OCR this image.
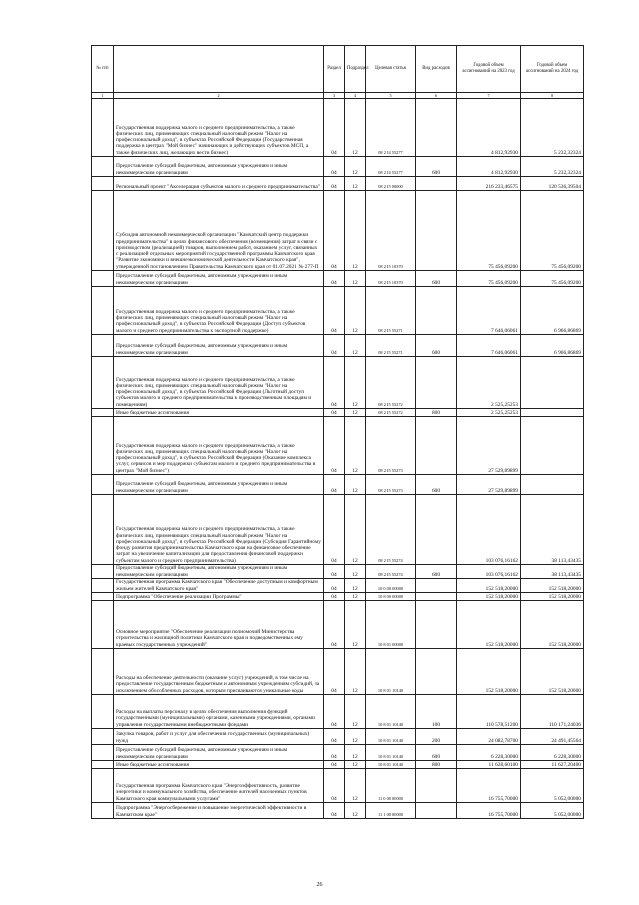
№ п/п		Раздел	Подраздел	Целевая статья	Вид расходов	Годовой объем ассигнований на 2023 год	Годовой объем ассигнований на 2024 год
1	2	3	4	5	6	7	8
	Государственная поддержка малого и среднего предпринимательства, а также физических лиц, применяющих специальный налоговый режим "Налог на профессиональный доход", в субъектах Российской Федерации (Государственная поддержка в центрах "Мой бизнес" начинающих и действующих субъектов МСП, а также физических лиц, желающих вести бизнес)	04	12	08 2 I4 55277		4 812,92930	5 232,32324
	Предоставление субсидий бюджетным, автономным учреждениям и иным некоммерческим организациям	04	12	08 2 I4 55277	600	4 812,92930	5 232,32324
	Региональный проект "Акселерация субъектов малого и среднего предпринимательства"	04	12	08 2 I5 00000		216 233,46575	120 536,39504
	Субсидия автономной некоммерческой организации "Камчатский центр поддержки предпринимательства" в целях финансового обеспечения (возмещения) затрат в связи с производством (реализацией) товаров, выполнением работ, оказанием услуг, связанных с реализацией отдельных мероприятий государственной программы Камчатского края "Развитие экономики и внешнеэкономической деятельности Камчатского края", утвержденной постановлением Правительства Камчатского края от 01.07.2021 № 277-П	04	12	08 2 I5 10370		75 456,09200	75 456,09200
	Предоставление субсидий бюджетным, автономным учреждениям и иным некоммерческим организациям	04	12	08 2 I5 10370	600	75 456,09200	75 456,09200
	Государственная поддержка малого и среднего предпринимательства, а также физических лиц, применяющих специальный налоговый режим "Налог на профессиональный доход", в субъектах Российской Федерации (Доступ субъектов малого и среднего предпринимательства к экспортной поддержке)	04	12	08 2 I5 55271		7 646,06061	6 966,86869
	Предоставление субсидий бюджетным, автономным учреждениям и иным некоммерческим организациям	04	12	08 2 I5 55271	600	7 646,06061	6 966,86869
	Государственная поддержка малого и среднего предпринимательства, а также физических лиц, применяющих специальный налоговый режим "Налог на профессиональный доход", в субъектах Российской Федерации (Льготный доступ субъектов малого и среднего предпринимательства к производственным площадям и помещениям)	04	12	08 2 I5 55272		2 525,25253	
	Иные бюджетные ассигнования	04	12	08 2 I5 55272	800	2 525,25253	
	Государственная поддержка малого и среднего предпринимательства, а также физических лиц, применяющих специальный налоговый режим "Налог на профессиональный доход", в субъектах Российской Федерации (Оказание комплекса услуг, сервисов и мер поддержки субъектам малого и среднего предпринимательства в центрах "Мой бизнес")	04	12	08 2 I5 55273		27 529,89899	
	Предоставление субсидий бюджетным, автономным учреждениям и иным некоммерческим организациям	04	12	08 2 I5 55273	600	27 529,89899	
	Государственная поддержка малого и среднего предпринимательства, а также физических лиц, применяющих специальный налоговый режим "Налог на профессиональный доход", в субъектах Российской Федерации (Субсидия Гарантийному фонду развития предпринимательства Камчатского края на финансовое обеспечение затрат на увеличение капитализации для предоставления финансовой поддержки субъектам малого и среднего предпринимательства)	04	12	08 2 I5 55274		103 076,16162	38 113,43435
	Предоставление субсидий бюджетным, автономным учреждениям и иным некоммерческим организациям	04	12	08 2 I5 55274	600	103 076,16162	38 113,43435
	Государственная программа Камчатского края "Обеспечение доступным и комфортным жильем жителей Камчатского края"	04	12	10 0 00 00000		152 518,20000	152 518,20000
	Подпрограмма "Обеспечение реализации Программы"	04	12	10 8 00 00000		152 518,20000	152 518,20000
	Основное мероприятие "Обеспечение реализации полномочий Министерства строительства и жилищной политики Камчатского края и подведомственных ему краевых государственных учреждений"	04	12	10 8 01 00000		152 518,20000	152 518,20000
	Расходы на обеспечение деятельности (оказание услуг) учреждений, в том числе на предоставление государственным бюджетным и автономным учреждениям субсидий, за исключением обособленных расходов, которым присваиваются уникальные коды	04	12	10 8 01 10140		152 518,20000	152 518,20000
	Расходы на выплаты персоналу в целях обеспечения выполнения функций государственными (муниципальными) органами, казенными учреждениями, органами управления государственными внебюджетными фондами	04	12	10 8 01 10140	100	110 578,51200	110 171,24036
	Закупка товаров, работ и услуг для обеспечения государственных (муниципальных) нужд	04	12	10 8 01 10140	200	24 082,78700	24 491,45564
	Предоставление субсидий бюджетным, автономным учреждениям и иным некоммерческим организациям	04	12	10 8 01 10140	600	6 228,30000	6 228,30000
	Иные бюджетные ассигнования	04	12	10 8 01 10140	800	11 628,60100	11 627,20400
	Государственная программа Камчатского края "Энергоэффективность, развитие энергетики и коммунального хозяйства, обеспечение жителей населенных пунктов Камчатского края коммунальными услугами"	04	12	11 0 00 00000		16 755,70000	5 052,00000
	Подпрограмма "Энергосбережение и повышение энергетической эффективности в Камчатском крае"	04	12	11 1 00 00000		16 755,70000	5 052,00000
26
